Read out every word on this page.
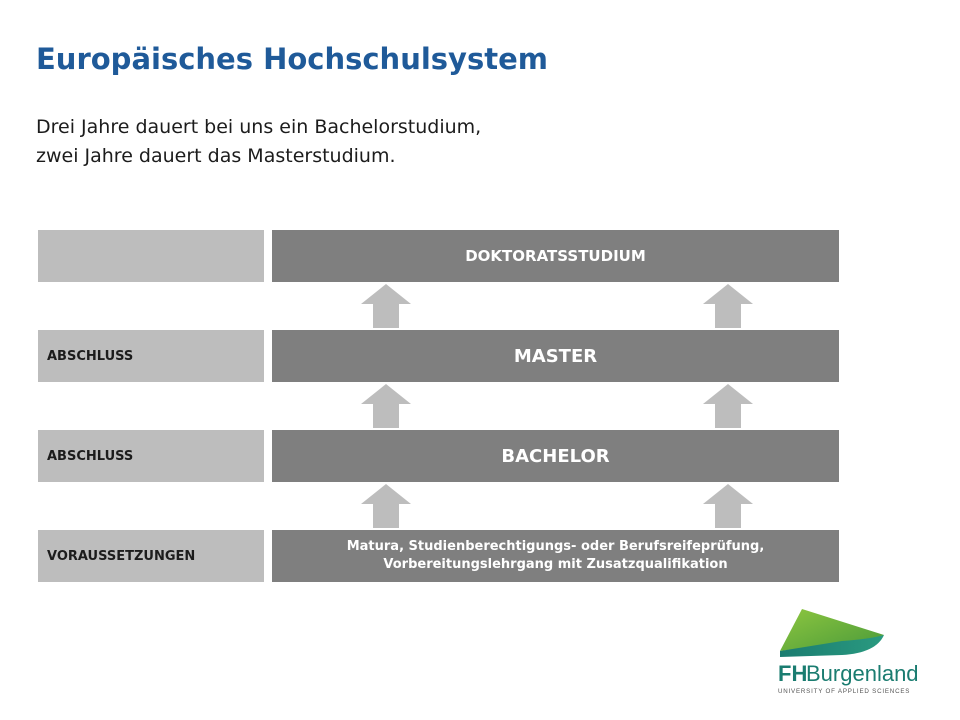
Europäisches Hochschulsystem
Drei Jahre dauert bei uns ein Bachelorstudium,
zwei Jahre dauert das Masterstudium.
DOKTORATSSTUDIUM
ABSCHLUSS	MASTER
ABSCHLUSS	BACHELOR
VORAUSSETZUNGEN
Matura, Studienberechtigungs- oder Berufsreifeprüfung,
Vorbereitungslehrgang mit Zusatzqualifikation
FH
Burgenland
UNIVERSITY OF APPLIED SCIENCES
